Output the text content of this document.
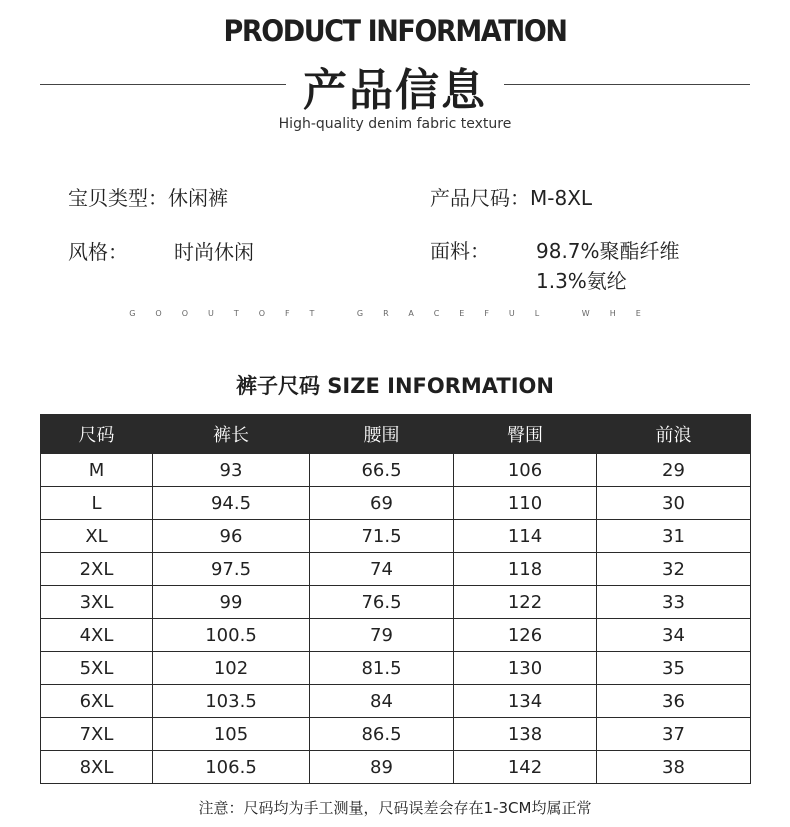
PRODUCT INFORMATION
产品信息
High-quality denim fabric texture
宝贝类型：休闲裤	产品尺码：M-8XL
风格： 时尚休闲	面料： 98.7%聚酯纤维
1.3%氨纶
GOOUTOFT GRACEFUL WHE
裤子尺码 SIZE INFORMATION
尺码	裤长	腰围	臀围	前浪
M	93	66.5	106	29
L	94.5	69	110	30
XL	96	71.5	114	31
2XL	97.5	74	118	32
3XL	99	76.5	122	33
4XL	100.5	79	126	34
5XL	102	81.5	130	35
6XL	103.5	84	134	36
7XL	105	86.5	138	37
8XL	106.5	89	142	38
注意：尺码均为手工测量，尺码误差会存在1-3CM均属正常
